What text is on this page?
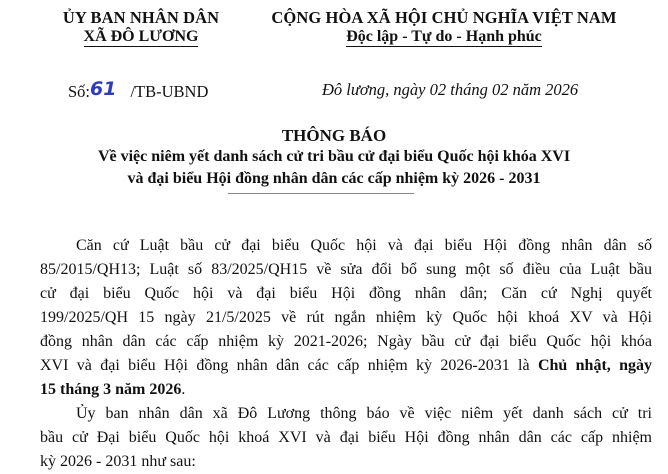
ỦY BAN NHÂN DÂN
XÃ ĐÔ LƯƠNG
CỘNG HÒA XÃ HỘI CHỦ NGHĨA VIỆT NAM
Độc lập - Tự do - Hạnh phúc
Số:61 /TB-UBND	Đô lương, ngày 02 tháng 02 năm 2026
THÔNG BÁO
Về việc niêm yết danh sách cử tri bầu cử đại biểu Quốc hội khóa XVI
và đại biểu Hội đồng nhân dân các cấp nhiệm kỳ 2026 - 2031

Căn cứ Luật bầu cử đại biểu Quốc hội và đại biểu Hội đồng nhân dân số
85/2015/QH13; Luật số 83/2025/QH15 về sửa đổi bổ sung một số điều của Luật bầu
cử đại biểu Quốc hội và đại biểu Hội đồng nhân dân; Căn cứ Nghị quyết
199/2025/QH 15 ngày 21/5/2025 về rút ngắn nhiệm kỳ Quốc hội khoá XV và Hội
đồng nhân dân các cấp nhiệm kỳ 2021-2026; Ngày bầu cử đại biểu Quốc hội khóa
XVI và đại biểu Hội đồng nhân dân các cấp nhiệm kỳ 2026-2031 là Chủ nhật, ngày
15 tháng 3 năm 2026.

Ủy ban nhân dân xã Đô Lương thông báo về việc niêm yết danh sách cử tri
bầu cử Đại biểu Quốc hội khoá XVI và đại biểu Hội đồng nhân dân các cấp nhiệm
kỳ 2026 - 2031 như sau:
